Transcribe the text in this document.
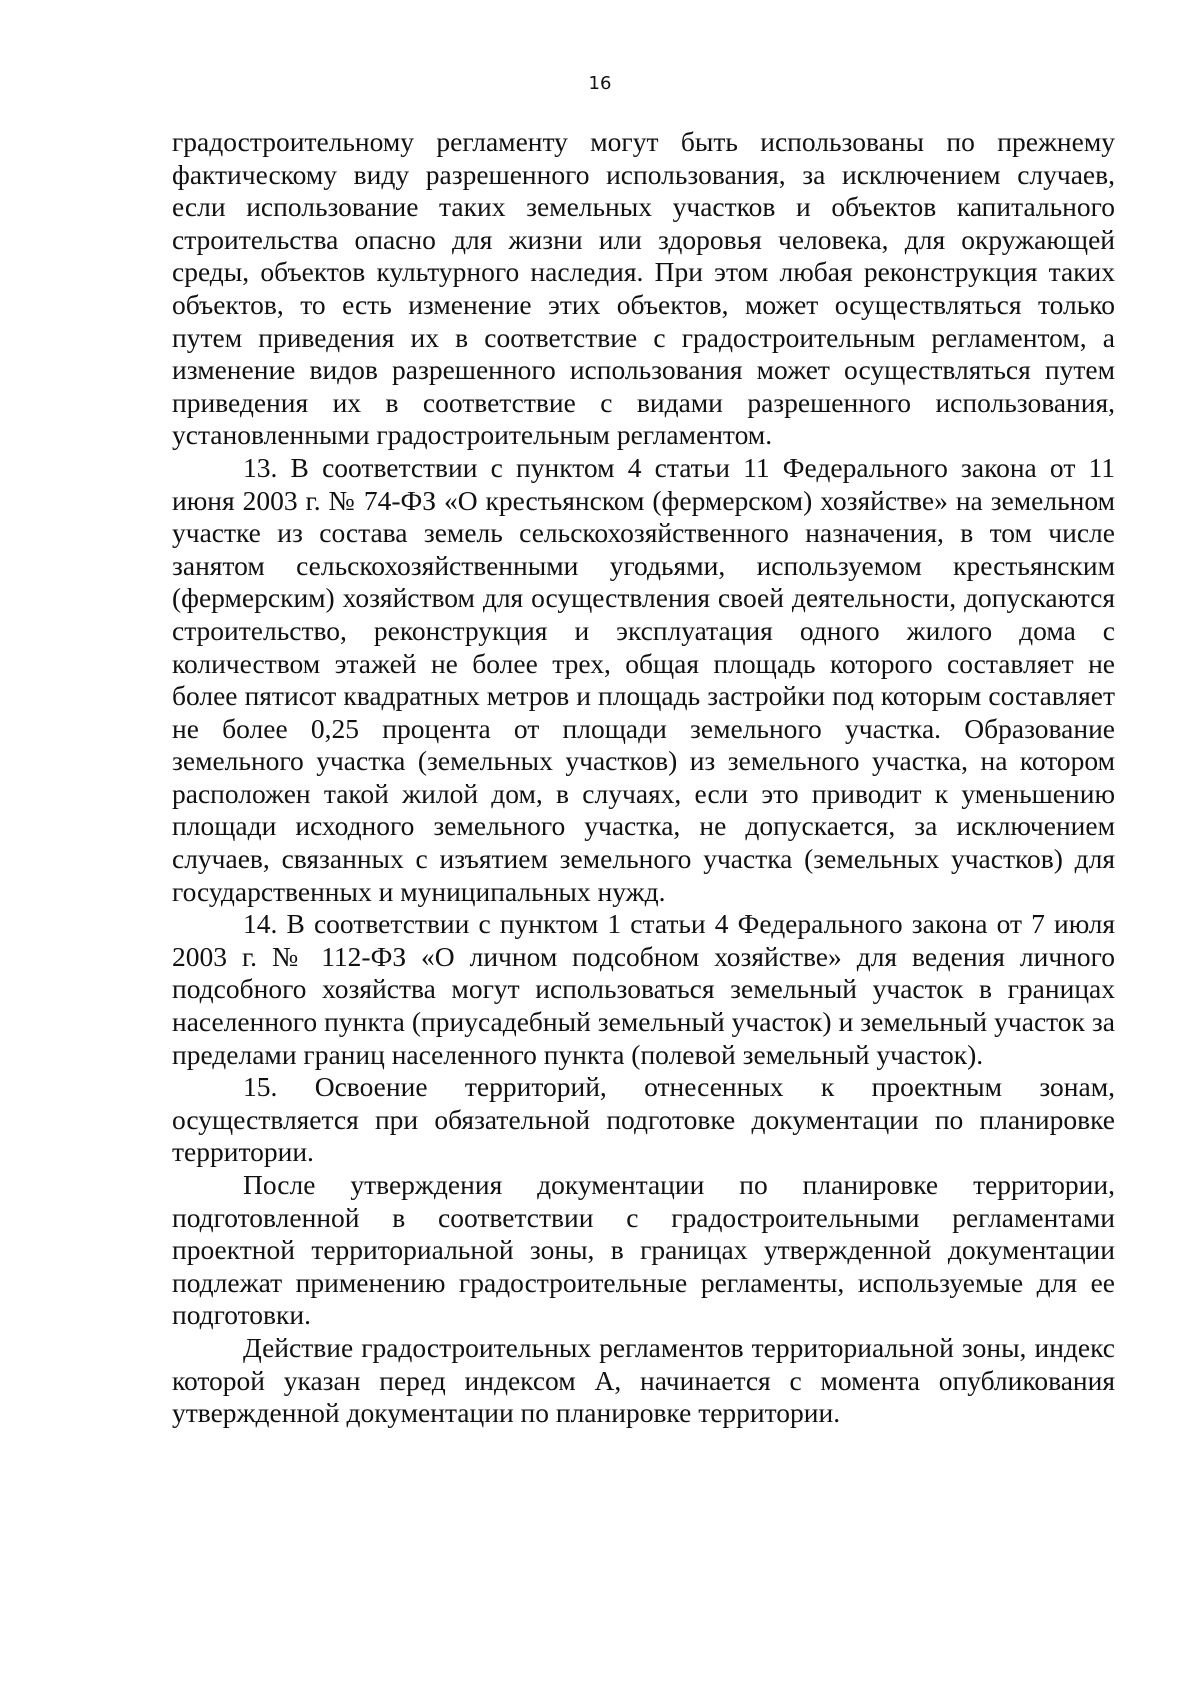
16

градостроительному регламенту могут быть использованы по прежнему фактическому виду разрешенного использования, за исключением случаев, если использование таких земельных участков и объектов капитального строительства опасно для жизни или здоровья человека, для окружающей среды, объектов культурного наследия. При этом любая реконструкция таких объектов, то есть изменение этих объектов, может осуществляться только путем приведения их в соответствие с градостроительным регламентом, а изменение видов разрешенного использования может осуществляться путем приведения их в соответствие с видами разрешенного использования, установленными градостроительным регламентом.

13. В соответствии с пунктом 4 статьи 11 Федерального закона от 11 июня 2003 г. № 74-ФЗ «О крестьянском (фермерском) хозяйстве» на земельном участке из состава земель сельскохозяйственного назначения, в том числе занятом сельскохозяйственными угодьями, используемом крестьянским (фермерским) хозяйством для осуществления своей деятельности, допускаются строительство, реконструкция и эксплуатация одного жилого дома с количеством этажей не более трех, общая площадь которого составляет не более пятисот квадратных метров и площадь застройки под которым составляет не более 0,25 процента от площади земельного участка. Образование земельного участка (земельных участков) из земельного участка, на котором расположен такой жилой дом, в случаях, если это приводит к уменьшению площади исходного земельного участка, не допускается, за исключением случаев, связанных с изъятием земельного участка (земельных участков) для государственных и муниципальных нужд.

14. В соответствии с пунктом 1 статьи 4 Федерального закона от 7 июля 2003 г. № 112-ФЗ «О личном подсобном хозяйстве» для ведения личного подсобного хозяйства могут использоваться земельный участок в границах населенного пункта (приусадебный земельный участок) и земельный участок за пределами границ населенного пункта (полевой земельный участок).

15. Освоение территорий, отнесенных к проектным зонам, осуществляется при обязательной подготовке документации по планировке территории.

После утверждения документации по планировке территории, подготовленной в соответствии с градостроительными регламентами проектной территориальной зоны, в границах утвержденной документации подлежат применению градостроительные регламенты, используемые для ее подготовки.

Действие градостроительных регламентов территориальной зоны, индекс которой указан перед индексом А, начинается с момента опубликования утвержденной документации по планировке территории.
